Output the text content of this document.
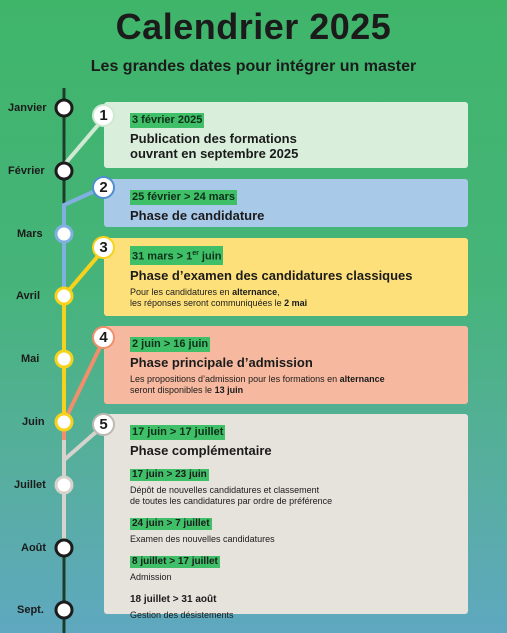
Calendrier 2025
Les grandes dates pour intégrer un master
Janvier
Février
Mars
Avril
Mai
Juin
Juillet
Août
Sept.
3 février 2025
Publication des formations
ouvrant en septembre 2025
1
25 février > 24 mars
Phase de candidature
2
31 mars > 1er juin
Phase d’examen des candidatures classiques
Pour les candidatures en alternance,
les réponses seront communiquées le 2 mai
3
2 juin > 16 juin
Phase principale d’admission
Les propositions d’admission pour les formations en alternance
seront disponibles le 13 juin
4
17 juin > 17 juillet
Phase complémentaire
17 juin > 23 juin
Dépôt de nouvelles candidatures et classement
de toutes les candidatures par ordre de préférence
24 juin > 7 juillet
Examen des nouvelles candidatures
8 juillet > 17 juillet
Admission
18 juillet > 31 août
Gestion des désistements
5
